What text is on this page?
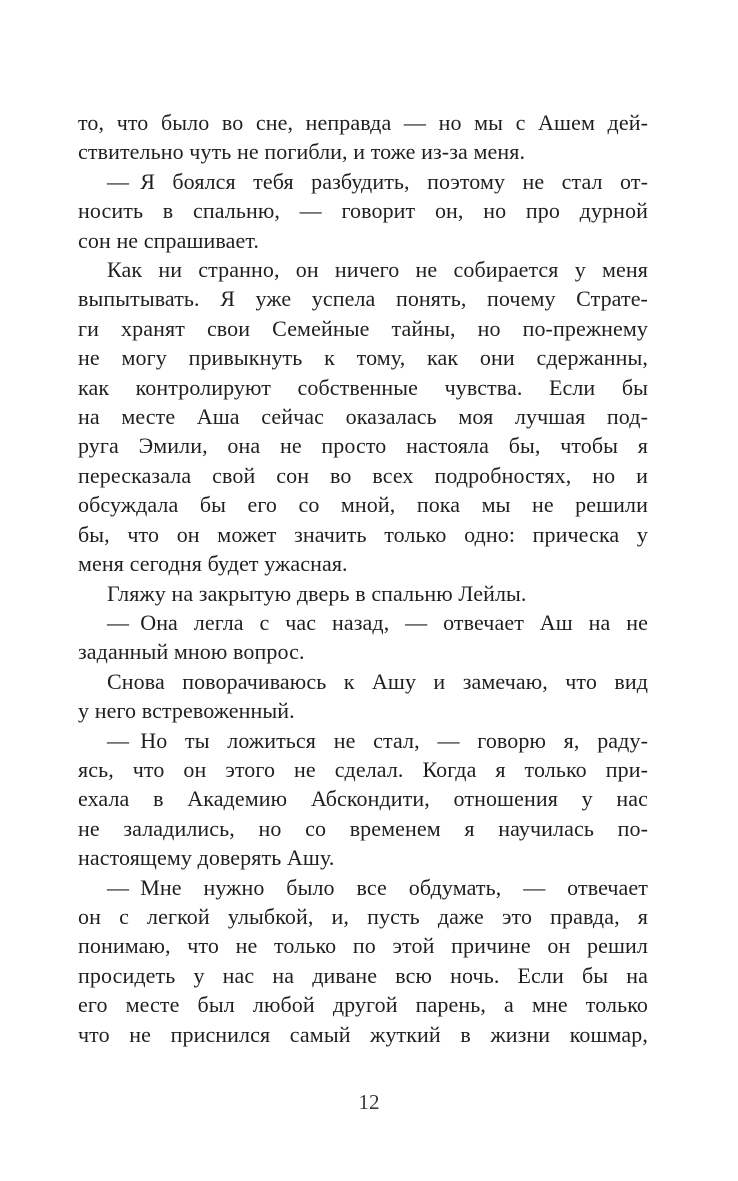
то, что было во сне, неправда — но мы с Ашем дей-
ствительно чуть не погибли, и тоже из-за меня.
— Я боялся тебя разбудить, поэтому не стал от-
носить в спальню, — говорит он, но про дурной
сон не спрашивает.
Как ни странно, он ничего не собирается у меня
выпытывать. Я уже успела понять, почему Страте-
ги хранят свои Семейные тайны, но по-прежнему
не могу привыкнуть к тому, как они сдержанны,
как контролируют собственные чувства. Если бы
на месте Аша сейчас оказалась моя лучшая под-
руга Эмили, она не просто настояла бы, чтобы я
пересказала свой сон во всех подробностях, но и
обсуждала бы его со мной, пока мы не решили
бы, что он может значить только одно: прическа у
меня сегодня будет ужасная.
Гляжу на закрытую дверь в спальню Лейлы.
— Она легла с час назад, — отвечает Аш на не
заданный мною вопрос.
Снова поворачиваюсь к Ашу и замечаю, что вид
у него встревоженный.
— Но ты ложиться не стал, — говорю я, раду-
ясь, что он этого не сделал. Когда я только при-
ехала в Академию Абскондити, отношения у нас
не заладились, но со временем я научилась по-
настоящему доверять Ашу.
— Мне нужно было все обдумать, — отвечает
он с легкой улыбкой, и, пусть даже это правда, я
понимаю, что не только по этой причине он решил
просидеть у нас на диване всю ночь. Если бы на
его месте был любой другой парень, а мне только
что не приснился самый жуткий в жизни кошмар,
12
